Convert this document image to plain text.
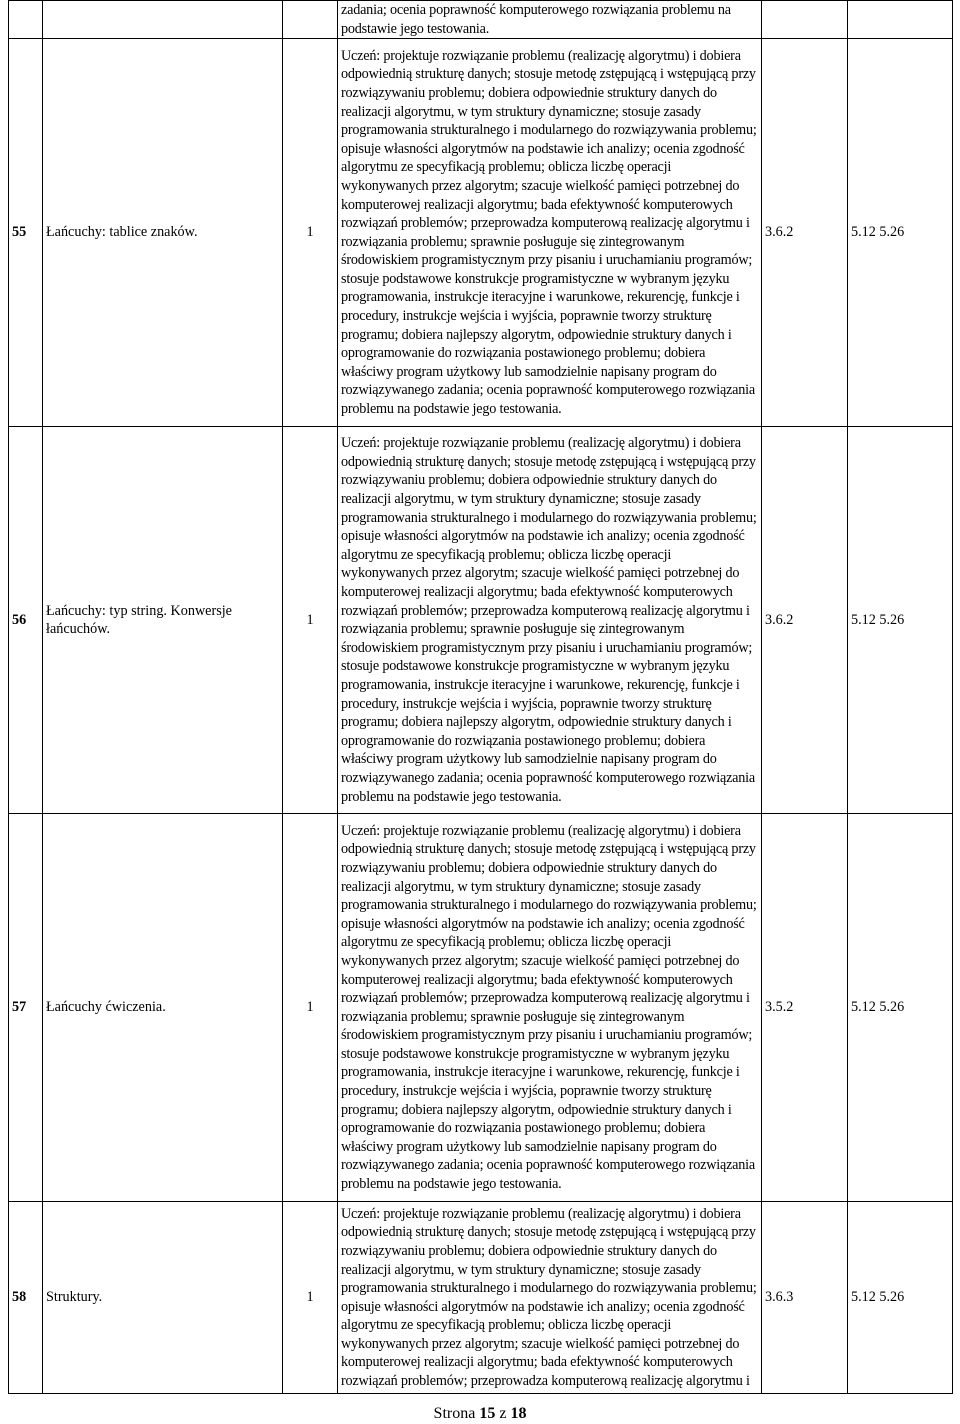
			zadania; ocenia poprawność komputerowego rozwiązania problemu na podstawie jego testowania.		
55	Łańcuchy: tablice znaków.	1	Uczeń: projektuje rozwiązanie problemu (realizację algorytmu) i dobiera odpowiednią strukturę danych; stosuje metodę zstępującą i wstępującą przy rozwiązywaniu problemu; dobiera odpowiednie struktury danych do realizacji algorytmu, w tym struktury dynamiczne; stosuje zasady programowania strukturalnego i modularnego do rozwiązywania problemu; opisuje własności algorytmów na podstawie ich analizy; ocenia zgodność algorytmu ze specyfikacją problemu; oblicza liczbę operacji wykonywanych przez algorytm; szacuje wielkość pamięci potrzebnej do komputerowej realizacji algorytmu; bada efektywność komputerowych rozwiązań problemów; przeprowadza komputerową realizację algorytmu i rozwiązania problemu; sprawnie posługuje się zintegrowanym środowiskiem programistycznym przy pisaniu i uruchamianiu programów; stosuje podstawowe konstrukcje programistyczne w wybranym języku programowania, instrukcje iteracyjne i warunkowe, rekurencję, funkcje i procedury, instrukcje wejścia i wyjścia, poprawnie tworzy strukturę programu; dobiera najlepszy algorytm, odpowiednie struktury danych i oprogramowanie do rozwiązania postawionego problemu; dobiera właściwy program użytkowy lub samodzielnie napisany program do rozwiązywanego zadania; ocenia poprawność komputerowego rozwiązania problemu na podstawie jego testowania.	3.6.2	5.12 5.26
56	Łańcuchy: typ string. Konwersje łańcuchów.	1	Uczeń: projektuje rozwiązanie problemu (realizację algorytmu) i dobiera odpowiednią strukturę danych; stosuje metodę zstępującą i wstępującą przy rozwiązywaniu problemu; dobiera odpowiednie struktury danych do realizacji algorytmu, w tym struktury dynamiczne; stosuje zasady programowania strukturalnego i modularnego do rozwiązywania problemu; opisuje własności algorytmów na podstawie ich analizy; ocenia zgodność algorytmu ze specyfikacją problemu; oblicza liczbę operacji wykonywanych przez algorytm; szacuje wielkość pamięci potrzebnej do komputerowej realizacji algorytmu; bada efektywność komputerowych rozwiązań problemów; przeprowadza komputerową realizację algorytmu i rozwiązania problemu; sprawnie posługuje się zintegrowanym środowiskiem programistycznym przy pisaniu i uruchamianiu programów; stosuje podstawowe konstrukcje programistyczne w wybranym języku programowania, instrukcje iteracyjne i warunkowe, rekurencję, funkcje i procedury, instrukcje wejścia i wyjścia, poprawnie tworzy strukturę programu; dobiera najlepszy algorytm, odpowiednie struktury danych i oprogramowanie do rozwiązania postawionego problemu; dobiera właściwy program użytkowy lub samodzielnie napisany program do rozwiązywanego zadania; ocenia poprawność komputerowego rozwiązania problemu na podstawie jego testowania.	3.6.2	5.12 5.26
57	Łańcuchy ćwiczenia.	1	Uczeń: projektuje rozwiązanie problemu (realizację algorytmu) i dobiera odpowiednią strukturę danych; stosuje metodę zstępującą i wstępującą przy rozwiązywaniu problemu; dobiera odpowiednie struktury danych do realizacji algorytmu, w tym struktury dynamiczne; stosuje zasady programowania strukturalnego i modularnego do rozwiązywania problemu; opisuje własności algorytmów na podstawie ich analizy; ocenia zgodność algorytmu ze specyfikacją problemu; oblicza liczbę operacji wykonywanych przez algorytm; szacuje wielkość pamięci potrzebnej do komputerowej realizacji algorytmu; bada efektywność komputerowych rozwiązań problemów; przeprowadza komputerową realizację algorytmu i rozwiązania problemu; sprawnie posługuje się zintegrowanym środowiskiem programistycznym przy pisaniu i uruchamianiu programów; stosuje podstawowe konstrukcje programistyczne w wybranym języku programowania, instrukcje iteracyjne i warunkowe, rekurencję, funkcje i procedury, instrukcje wejścia i wyjścia, poprawnie tworzy strukturę programu; dobiera najlepszy algorytm, odpowiednie struktury danych i oprogramowanie do rozwiązania postawionego problemu; dobiera właściwy program użytkowy lub samodzielnie napisany program do rozwiązywanego zadania; ocenia poprawność komputerowego rozwiązania problemu na podstawie jego testowania.	3.5.2	5.12 5.26
58	Struktury.	1	Uczeń: projektuje rozwiązanie problemu (realizację algorytmu) i dobiera odpowiednią strukturę danych; stosuje metodę zstępującą i wstępującą przy rozwiązywaniu problemu; dobiera odpowiednie struktury danych do realizacji algorytmu, w tym struktury dynamiczne; stosuje zasady programowania strukturalnego i modularnego do rozwiązywania problemu; opisuje własności algorytmów na podstawie ich analizy; ocenia zgodność algorytmu ze specyfikacją problemu; oblicza liczbę operacji wykonywanych przez algorytm; szacuje wielkość pamięci potrzebnej do komputerowej realizacji algorytmu; bada efektywność komputerowych rozwiązań problemów; przeprowadza komputerową realizację algorytmu i	3.6.3	5.12 5.26
Strona 15 z 18
